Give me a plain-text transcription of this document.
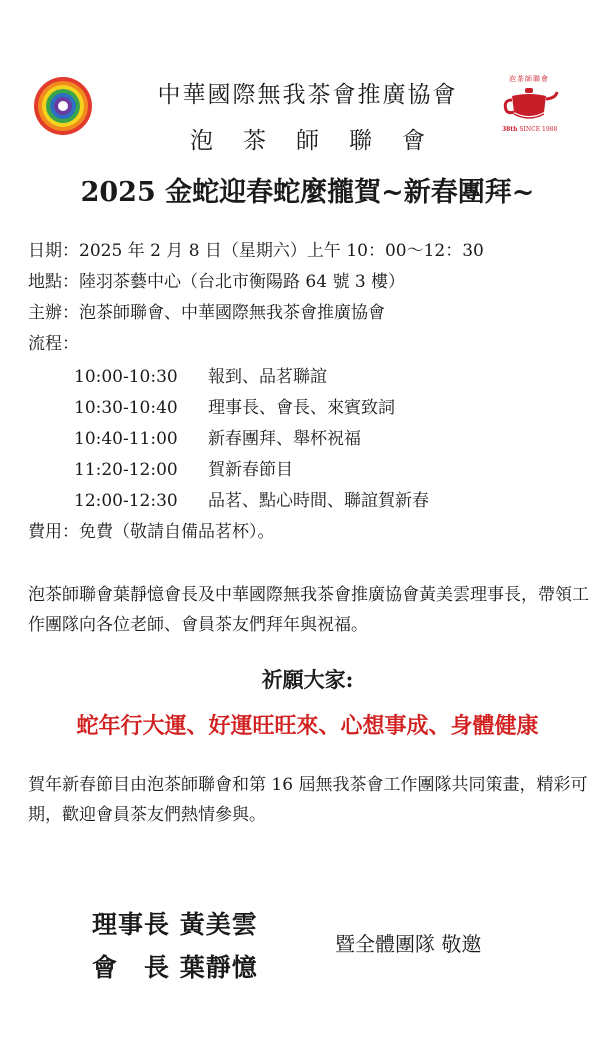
泡茶師聯會
38th SINCE 1988
中華國際無我茶會推廣協會
泡茶師聯會
2025 金蛇迎春蛇麼攏賀~新春團拜~
日期：2025 年 2 月 8 日（星期六）上午 10：00～12：30
地點：陸羽茶藝中心（台北市衡陽路 64 號 3 樓）
主辦：泡茶師聯會、中華國際無我茶會推廣協會
流程：
10:00-10:30 報到、品茗聯誼
10:30-10:40 理事長、會長、來賓致詞
10:40-11:00 新春團拜、舉杯祝福
11:20-12:00 賀新春節目
12:00-12:30 品茗、點心時間、聯誼賀新春
費用：免費（敬請自備品茗杯）。
泡茶師聯會葉靜憶會長及中華國際無我茶會推廣協會黃美雲理事長，帶領工作團隊向各位老師、會員茶友們拜年與祝福。
祈願大家:
蛇年行大運、好運旺旺來、心想事成、身體健康
賀年新春節目由泡茶師聯會和第 16 屆無我茶會工作團隊共同策畫，精彩可期，歡迎會員茶友們熱情參與。
理事長 黃美雲
會　長 葉靜憶
暨全體團隊 敬邀
